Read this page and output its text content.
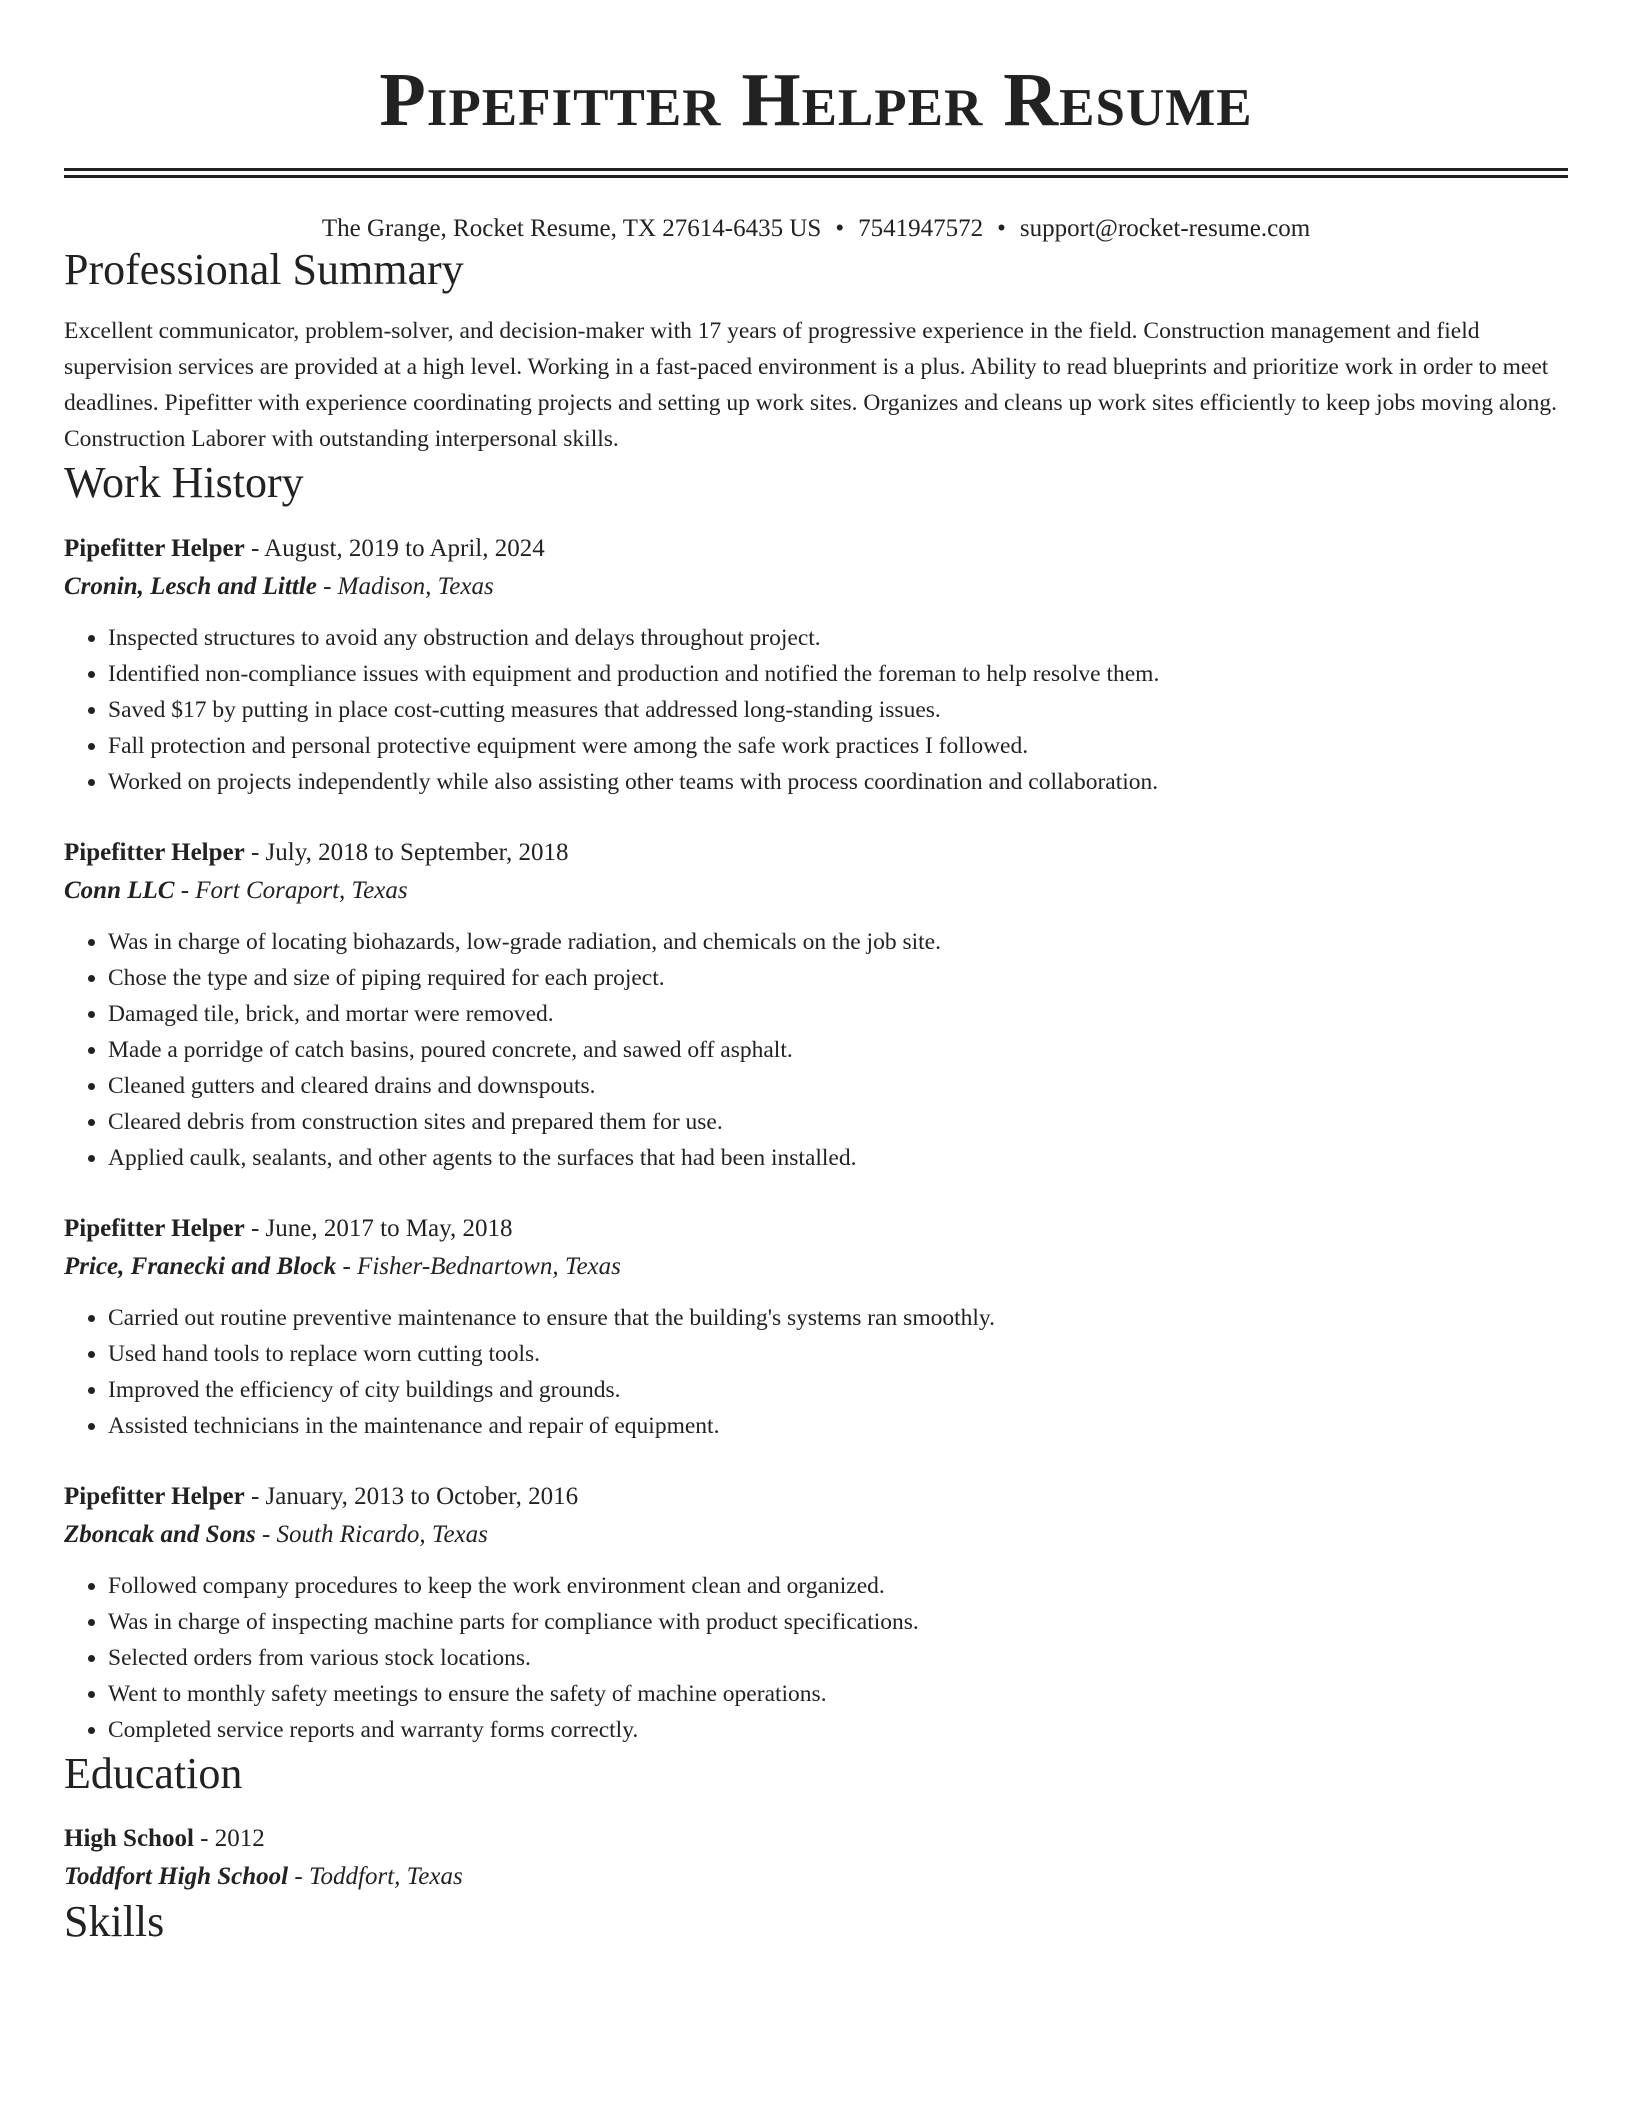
Pipefitter Helper Resume
The Grange, Rocket Resume, TX 27614-6435 US • 7541947572 • support@rocket-resume.com
Professional Summary
Excellent communicator, problem-solver, and decision-maker with 17 years of progressive experience in the field. Construction management and field supervision services are provided at a high level. Working in a fast-paced environment is a plus. Ability to read blueprints and prioritize work in order to meet deadlines. Pipefitter with experience coordinating projects and setting up work sites. Organizes and cleans up work sites efficiently to keep jobs moving along. Construction Laborer with outstanding interpersonal skills.
Work History
Pipefitter Helper - August, 2019 to April, 2024
Cronin, Lesch and Little - Madison, Texas
• Inspected structures to avoid any obstruction and delays throughout project.
• Identified non-compliance issues with equipment and production and notified the foreman to help resolve them.
• Saved $17 by putting in place cost-cutting measures that addressed long-standing issues.
• Fall protection and personal protective equipment were among the safe work practices I followed.
• Worked on projects independently while also assisting other teams with process coordination and collaboration.
Pipefitter Helper - July, 2018 to September, 2018
Conn LLC - Fort Coraport, Texas
• Was in charge of locating biohazards, low-grade radiation, and chemicals on the job site.
• Chose the type and size of piping required for each project.
• Damaged tile, brick, and mortar were removed.
• Made a porridge of catch basins, poured concrete, and sawed off asphalt.
• Cleaned gutters and cleared drains and downspouts.
• Cleared debris from construction sites and prepared them for use.
• Applied caulk, sealants, and other agents to the surfaces that had been installed.
Pipefitter Helper - June, 2017 to May, 2018
Price, Franecki and Block - Fisher-Bednartown, Texas
• Carried out routine preventive maintenance to ensure that the building's systems ran smoothly.
• Used hand tools to replace worn cutting tools.
• Improved the efficiency of city buildings and grounds.
• Assisted technicians in the maintenance and repair of equipment.
Pipefitter Helper - January, 2013 to October, 2016
Zboncak and Sons - South Ricardo, Texas
• Followed company procedures to keep the work environment clean and organized.
• Was in charge of inspecting machine parts for compliance with product specifications.
• Selected orders from various stock locations.
• Went to monthly safety meetings to ensure the safety of machine operations.
• Completed service reports and warranty forms correctly.
Education
High School - 2012
Toddfort High School - Toddfort, Texas
Skills
